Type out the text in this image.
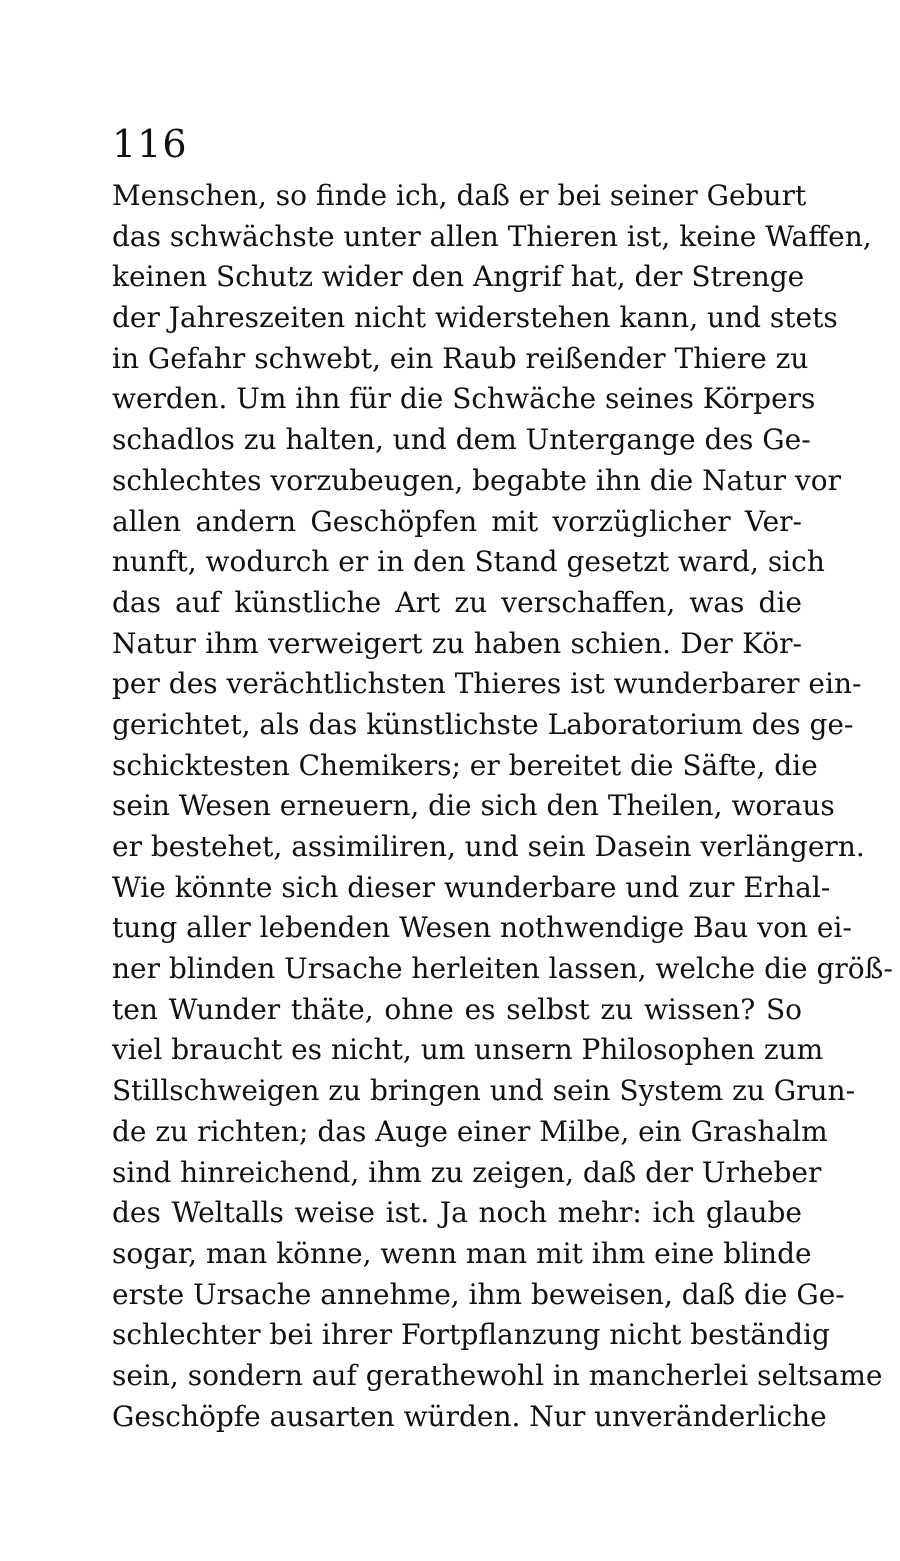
116
Menschen, so finde ich, daß er bei seiner Geburt
das schwächste unter allen Thieren ist, keine Waffen,
keinen Schutz wider den Angrif hat, der Strenge
der Jahreszeiten nicht widerstehen kann, und stets
in Gefahr schwebt, ein Raub reißender Thiere zu
werden. Um ihn für die Schwäche seines Körpers
schadlos zu halten, und dem Untergange des Ge-
schlechtes vorzubeugen, begabte ihn die Natur vor
allen andern Geschöpfen mit vorzüglicher Ver-
nunft, wodurch er in den Stand gesetzt ward, sich
das auf künstliche Art zu verschaffen, was die
Natur ihm verweigert zu haben schien. Der Kör-
per des verächtlichsten Thieres ist wunderbarer ein-
gerichtet, als das künstlichste Laboratorium des ge-
schicktesten Chemikers; er bereitet die Säfte, die
sein Wesen erneuern, die sich den Theilen, woraus
er bestehet, assimiliren, und sein Dasein verlängern.
Wie könnte sich dieser wunderbare und zur Erhal-
tung aller lebenden Wesen nothwendige Bau von ei-
ner blinden Ursache herleiten lassen, welche die größ-
ten Wunder thäte, ohne es selbst zu wissen? So
viel braucht es nicht, um unsern Philosophen zum
Stillschweigen zu bringen und sein System zu Grun-
de zu richten; das Auge einer Milbe, ein Grashalm
sind hinreichend, ihm zu zeigen, daß der Urheber
des Weltalls weise ist. Ja noch mehr: ich glaube
sogar, man könne, wenn man mit ihm eine blinde
erste Ursache annehme, ihm beweisen, daß die Ge-
schlechter bei ihrer Fortpflanzung nicht beständig
sein, sondern auf gerathewohl in mancherlei seltsame
Geschöpfe ausarten würden. Nur unveränderliche
